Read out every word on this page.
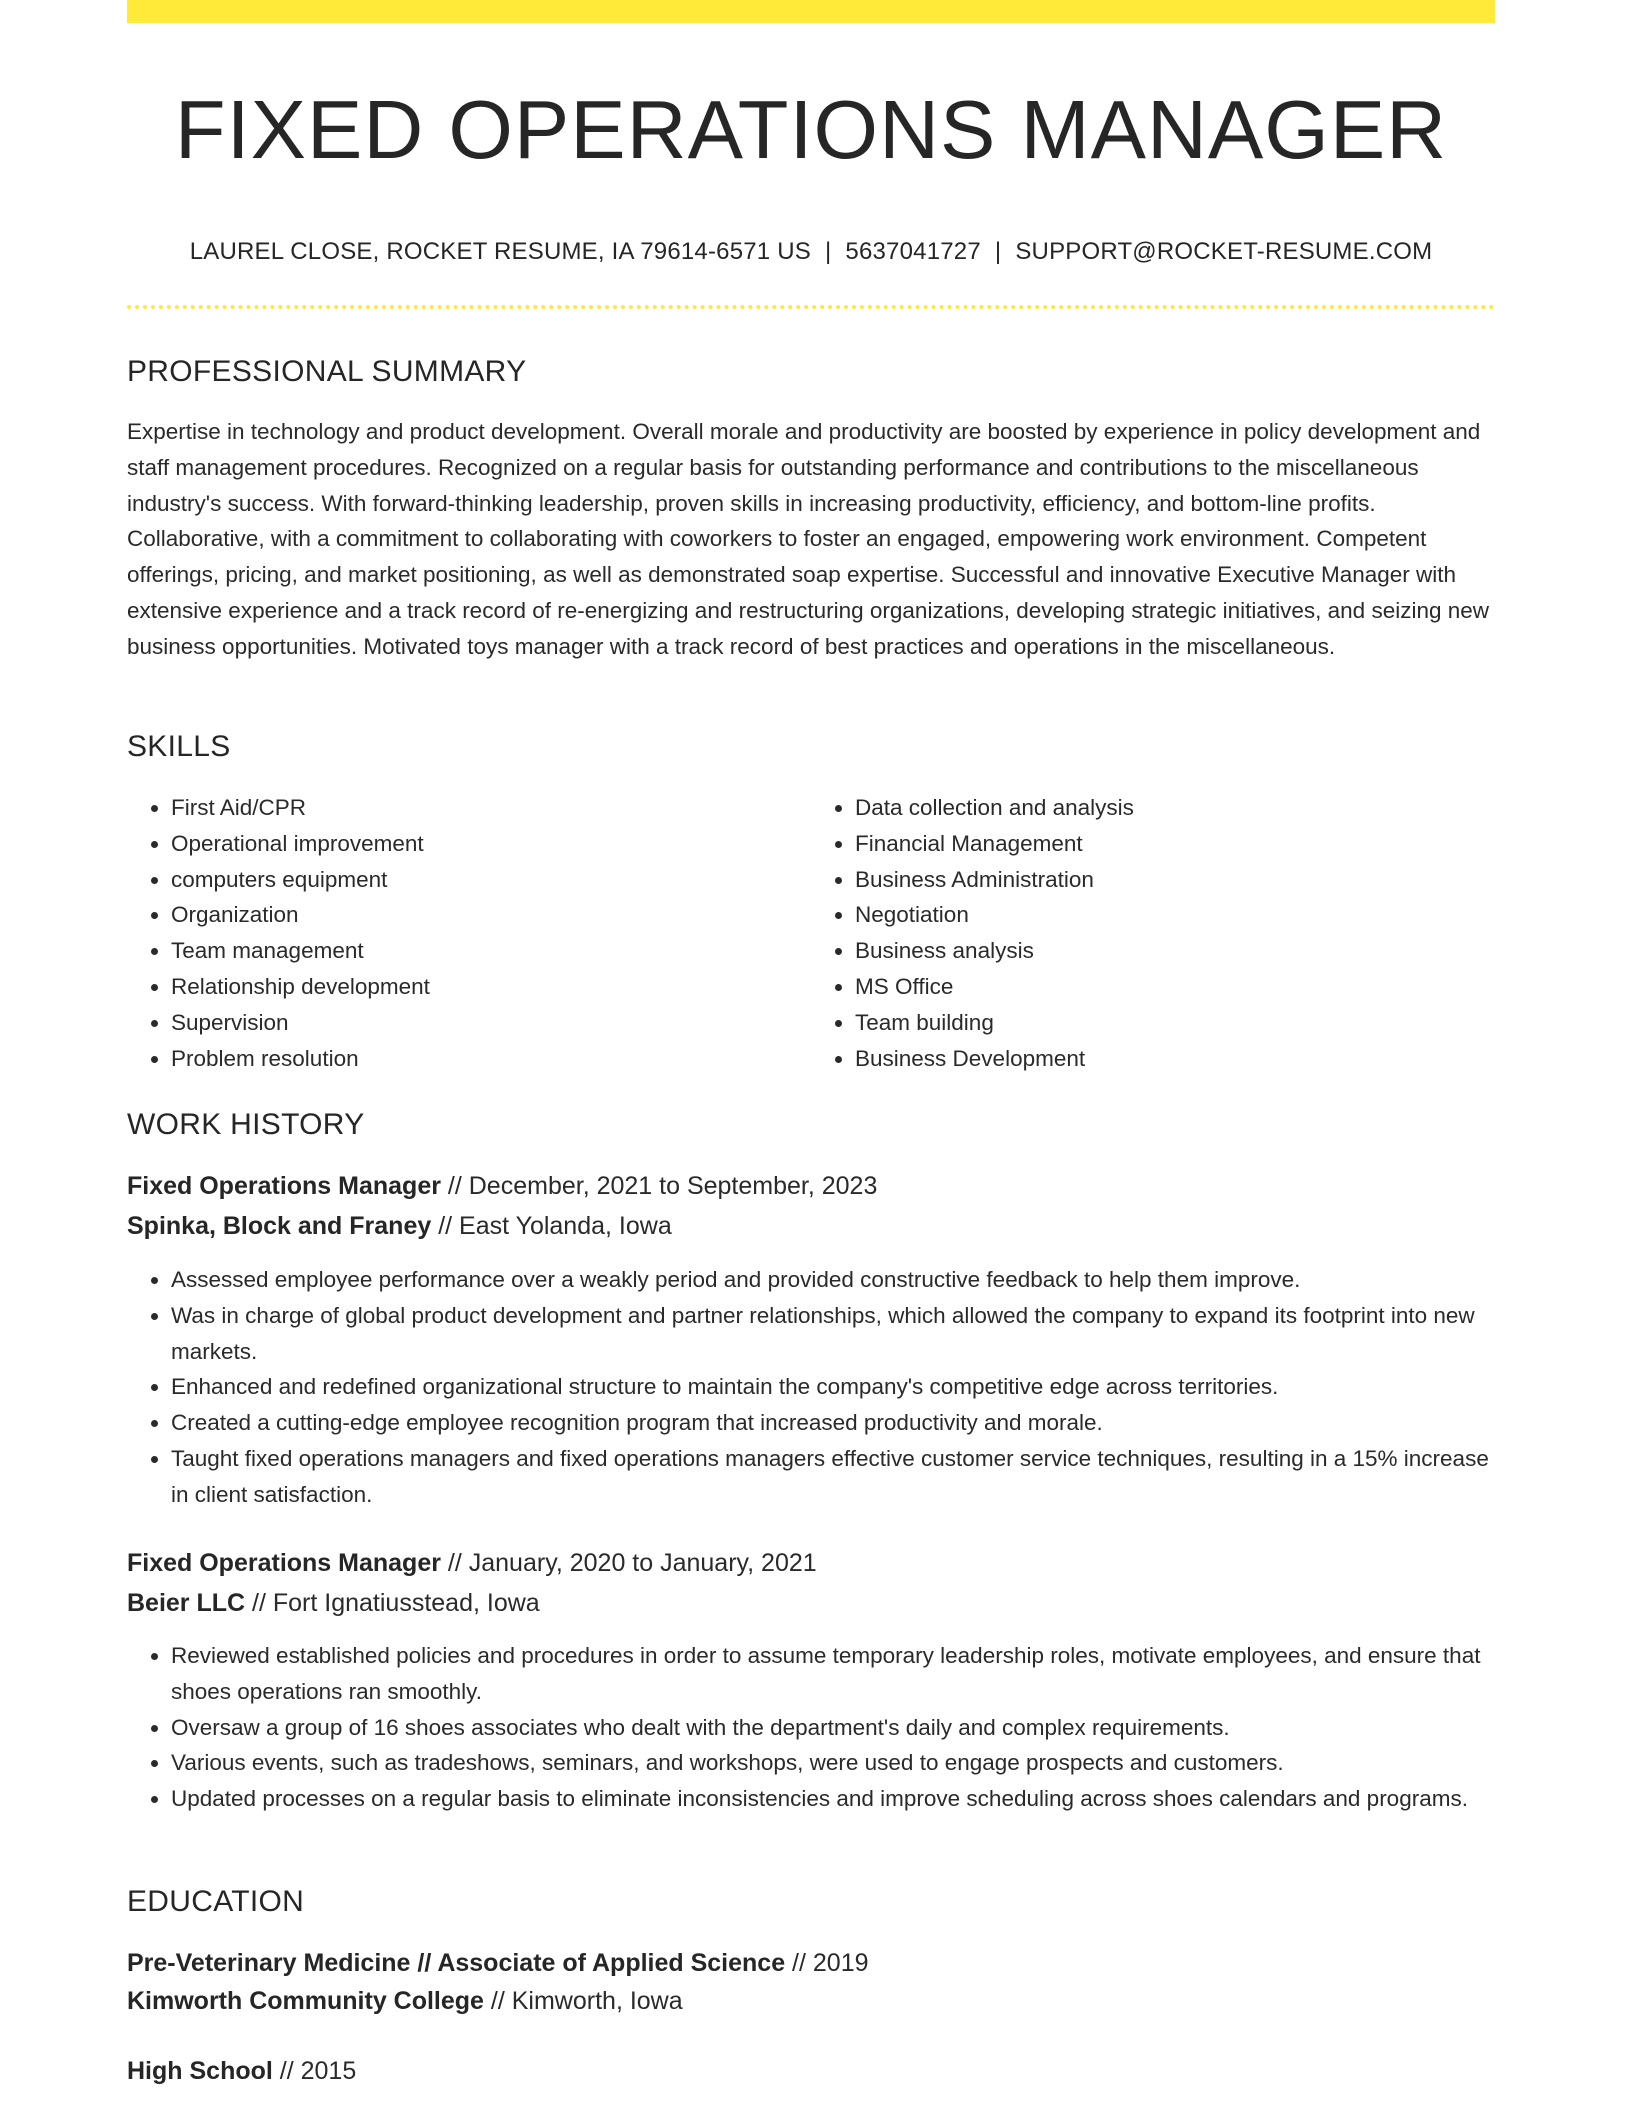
FIXED OPERATIONS MANAGER
LAUREL CLOSE, ROCKET RESUME, IA 79614-6571 US | 5637041727 | SUPPORT@ROCKET-RESUME.COM
PROFESSIONAL SUMMARY

Expertise in technology and product development. Overall morale and productivity are boosted by experience in policy development and staff management procedures. Recognized on a regular basis for outstanding performance and contributions to the miscellaneous industry's success. With forward-thinking leadership, proven skills in increasing productivity, efficiency, and bottom-line profits. Collaborative, with a commitment to collaborating with coworkers to foster an engaged, empowering work environment. Competent offerings, pricing, and market positioning, as well as demonstrated soap expertise. Successful and innovative Executive Manager with extensive experience and a track record of re-energizing and restructuring organizations, developing strategic initiatives, and seizing new business opportunities. Motivated toys manager with a track record of best practices and operations in the miscellaneous.

SKILLS
• First Aid/CPR
• Operational improvement
• computers equipment
• Organization
• Team management
• Relationship development
• Supervision
• Problem resolution
• Data collection and analysis
• Financial Management
• Business Administration
• Negotiation
• Business analysis
• MS Office
• Team building
• Business Development
WORK HISTORY
Fixed Operations Manager // December, 2021 to September, 2023
Spinka, Block and Franey // East Yolanda, Iowa
• Assessed employee performance over a weakly period and provided constructive feedback to help them improve.
• Was in charge of global product development and partner relationships, which allowed the company to expand its footprint into new markets.
• Enhanced and redefined organizational structure to maintain the company's competitive edge across territories.
• Created a cutting-edge employee recognition program that increased productivity and morale.
• Taught fixed operations managers and fixed operations managers effective customer service techniques, resulting in a 15% increase in client satisfaction.
Fixed Operations Manager // January, 2020 to January, 2021
Beier LLC // Fort Ignatiusstead, Iowa
• Reviewed established policies and procedures in order to assume temporary leadership roles, motivate employees, and ensure that shoes operations ran smoothly.
• Oversaw a group of 16 shoes associates who dealt with the department's daily and complex requirements.
• Various events, such as tradeshows, seminars, and workshops, were used to engage prospects and customers.
• Updated processes on a regular basis to eliminate inconsistencies and improve scheduling across shoes calendars and programs.
EDUCATION
Pre-Veterinary Medicine // Associate of Applied Science // 2019
Kimworth Community College // Kimworth, Iowa
High School // 2015
